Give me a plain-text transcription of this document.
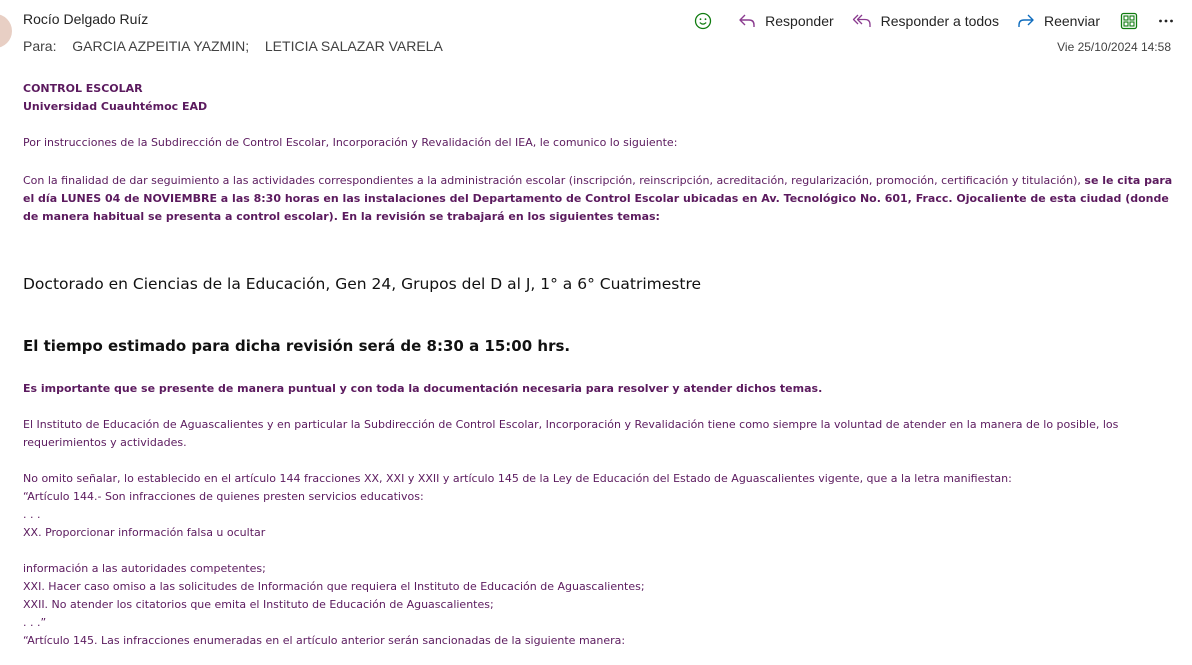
Rocío Delgado Ruíz
Para: GARCIA AZPEITIA YAZMIN; LETICIA SALAZAR VARELA
Responder	Responder a todos	Reenviar
Vie 25/10/2024 14:58

CONTROL ESCOLAR

Universidad Cuauhtémoc EAD

Por instrucciones de la Subdirección de Control Escolar, Incorporación y Revalidación del IEA, le comunico lo siguiente:

Con la finalidad de dar seguimiento a las actividades correspondientes a la administración escolar (inscripción, reinscripción, acreditación, regularización, promoción, certificación y titulación), se le cita para el día LUNES 04 de NOVIEMBRE a las 8:30 horas en las instalaciones del Departamento de Control Escolar ubicadas en Av. Tecnológico No. 601, Fracc. Ojocaliente de esta ciudad (donde de manera habitual se presenta a control escolar). En la revisión se trabajará en los siguientes temas:

Doctorado en Ciencias de la Educación, Gen 24, Grupos del D al J, 1° a 6° Cuatrimestre

El tiempo estimado para dicha revisión será de 8:30 a 15:00 hrs.

Es importante que se presente de manera puntual y con toda la documentación necesaria para resolver y atender dichos temas.

El Instituto de Educación de Aguascalientes y en particular la Subdirección de Control Escolar, Incorporación y Revalidación tiene como siempre la voluntad de atender en la manera de lo posible, los requerimientos y actividades.

No omito señalar, lo establecido en el artículo 144 fracciones XX, XXI y XXII y artículo 145 de la Ley de Educación del Estado de Aguascalientes vigente, que a la letra manifiestan:

“Artículo 144.- Son infracciones de quienes presten servicios educativos:

. . .

XX. Proporcionar información falsa u ocultar

información a las autoridades competentes;

XXI. Hacer caso omiso a las solicitudes de Información que requiera el Instituto de Educación de Aguascalientes;

XXII. No atender los citatorios que emita el Instituto de Educación de Aguascalientes;

. . .”

“Artículo 145. Las infracciones enumeradas en el artículo anterior serán sancionadas de la siguiente manera:
